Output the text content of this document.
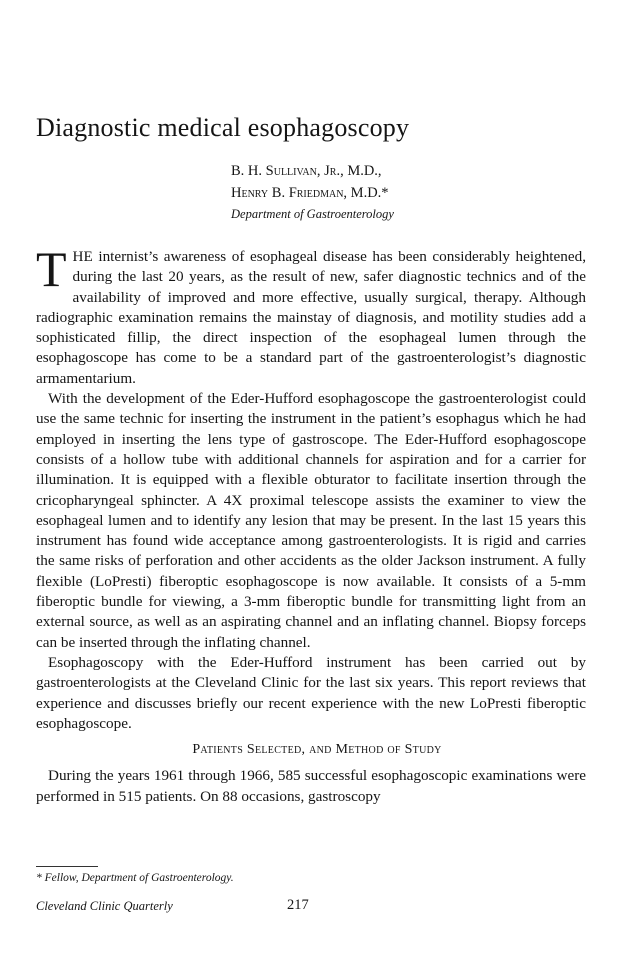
Diagnostic medical esophagoscopy
B. H. Sullivan, Jr., M.D.,
Henry B. Friedman, M.D.*
Department of Gastroenterology

THE internist’s awareness of esophageal disease has been considerably heightened, during the last 20 years, as the result of new, safer diagnostic technics and of the availability of improved and more effective, usually surgical, therapy. Although radiographic examination remains the mainstay of diagnosis, and motility studies add a sophisticated fillip, the direct inspection of the esophageal lumen through the esophagoscope has come to be a standard part of the gastroenterologist’s diagnostic armamentarium.

With the development of the Eder-Hufford esophagoscope the gastroenterologist could use the same technic for inserting the instrument in the patient’s esophagus which he had employed in inserting the lens type of gastroscope. The Eder-Hufford esophagoscope consists of a hollow tube with additional channels for aspiration and for a carrier for illumination. It is equipped with a flexible obturator to facilitate insertion through the cricopharyngeal sphincter. A 4X proximal telescope assists the examiner to view the esophageal lumen and to identify any lesion that may be present. In the last 15 years this instrument has found wide acceptance among gastroenterologists. It is rigid and carries the same risks of perforation and other accidents as the older Jackson instrument. A fully flexible (LoPresti) fiberoptic esophagoscope is now available. It consists of a 5-mm fiberoptic bundle for viewing, a 3-mm fiberoptic bundle for transmitting light from an external source, as well as an aspirating channel and an inflating channel. Biopsy forceps can be inserted through the inflating channel.

Esophagoscopy with the Eder-Hufford instrument has been carried out by gastroenterologists at the Cleveland Clinic for the last six years. This report reviews that experience and discusses briefly our recent experience with the new LoPresti fiberoptic esophagoscope.

Patients Selected, and Method of Study

During the years 1961 through 1966, 585 successful esophagoscopic examinations were performed in 515 patients. On 88 occasions, gastroscopy

* Fellow, Department of Gastroenterology.
Cleveland Clinic Quarterly	217
